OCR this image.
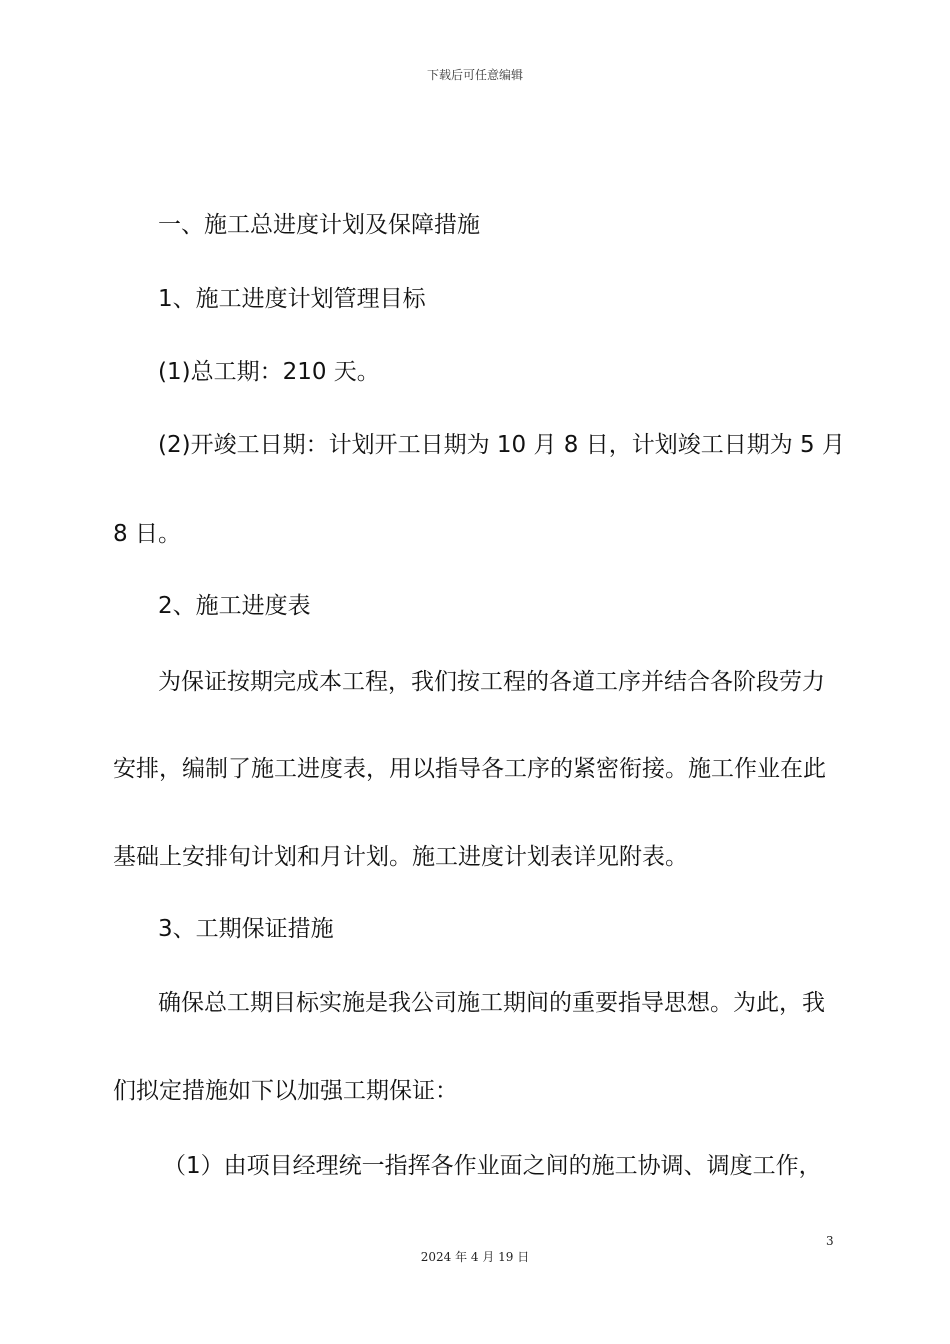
下载后可任意编辑
一、施工总进度计划及保障措施
1、施工进度计划管理目标
(1)总工期：210 天。
(2)开竣工日期：计划开工日期为 10 月 8 日，计划竣工日期为 5 月
8 日。
2、施工进度表
为保证按期完成本工程，我们按工程的各道工序并结合各阶段劳力
安排，编制了施工进度表，用以指导各工序的紧密衔接。施工作业在此
基础上安排旬计划和月计划。施工进度计划表详见附表。
3、工期保证措施
确保总工期目标实施是我公司施工期间的重要指导思想。为此，我
们拟定措施如下以加强工期保证：
（1）由项目经理统一指挥各作业面之间的施工协调、调度工作，
3
2024 年 4 月 19 日
